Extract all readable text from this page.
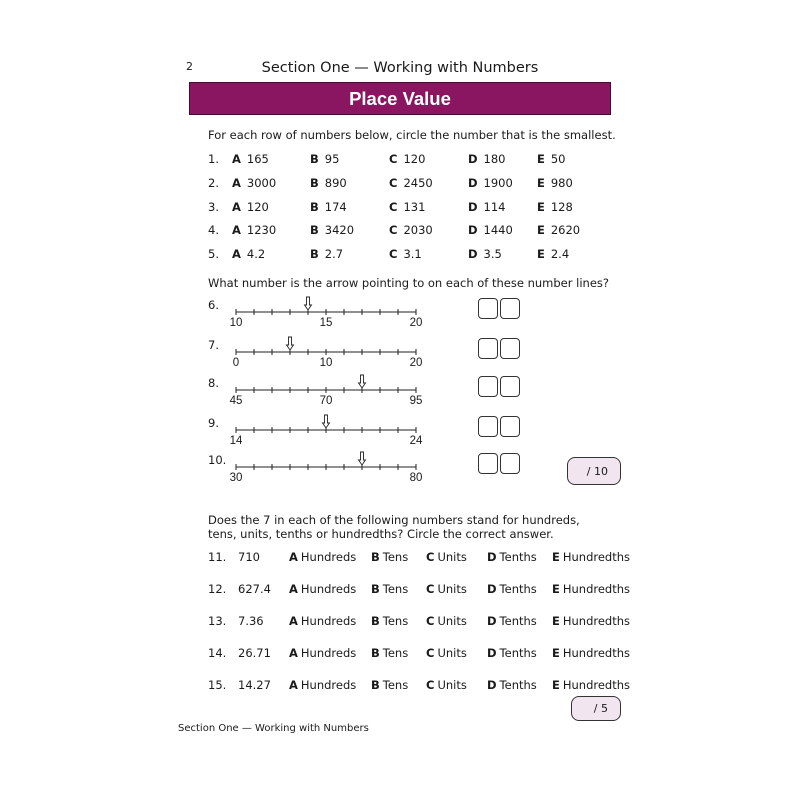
2	Section One — Working with Numbers
Place Value
For each row of numbers below, circle the number that is the smallest.
1. A 165	B 95	C 120	D 180	E 50
2. A 3000	B 890	C 2450	D 1900 E 980
3. A 120	B 174	C 131	D 114	E 128
4. A 1230	B 3420	C 2030	D 1440 E 2620
5. A 4.2	B 2.7	C 3.1	D 3.5	E 2.4
What number is the arrow pointing to on each of these number lines?
6.
10	15	20
7.
0	10	20
8.
45	70	95
9.
14	24
10.
30	80
/ 10
Does the 7 in each of the following numbers stand for hundreds,
tens, units, tenths or hundredths? Circle the correct answer.
11. 710	A Hundreds B Tens C Units D Tenths E Hundredths
12. 627.4 A Hundreds B Tens C Units D Tenths E Hundredths
13. 7.36 A Hundreds B Tens C Units D Tenths E Hundredths
14. 26.71 A Hundreds B Tens C Units D Tenths E Hundredths
15. 14.27 A Hundreds B Tens C Units D Tenths E Hundredths
/ 5
Section One — Working with Numbers
